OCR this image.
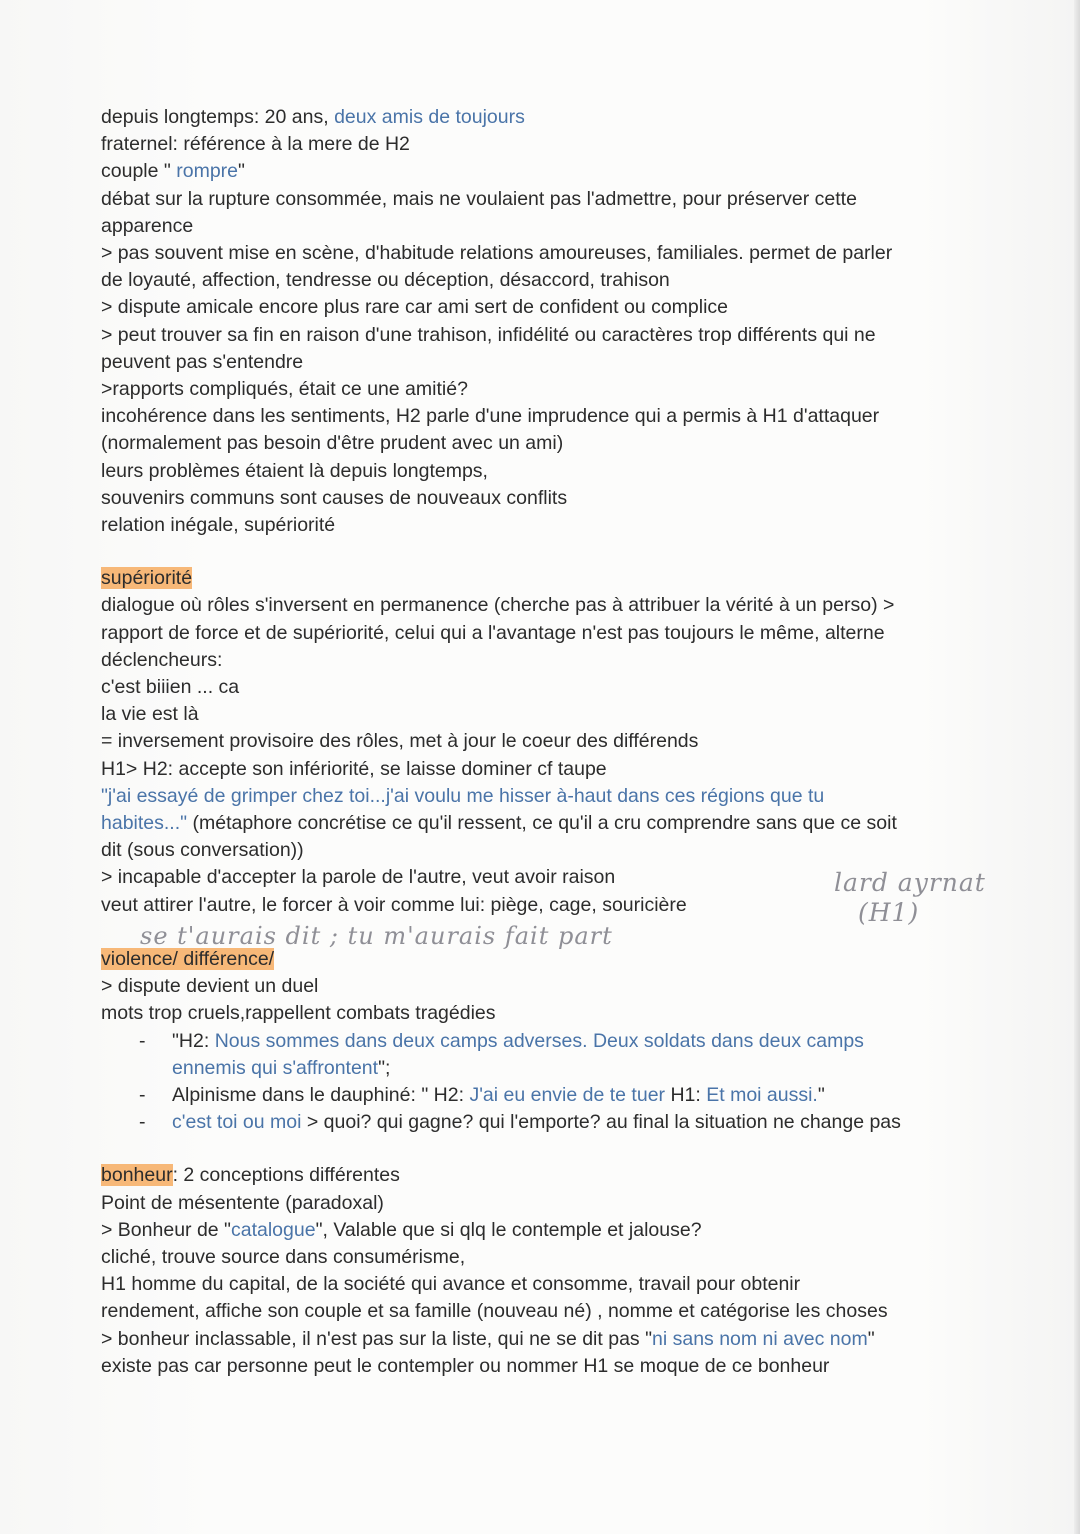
depuis longtemps: 20 ans, deux amis de toujours

fraternel: référence à la mere de H2

couple " rompre"

débat sur la rupture consommée, mais ne voulaient pas l'admettre, pour préserver cette

apparence

> pas souvent mise en scène, d'habitude relations amoureuses, familiales. permet de parler

de loyauté, affection, tendresse ou déception, désaccord, trahison

> dispute amicale encore plus rare car ami sert de confident ou complice

> peut trouver sa fin en raison d'une trahison, infidélité ou caractères trop différents qui ne

peuvent pas s'entendre

>rapports compliqués, était ce une amitié?

incohérence dans les sentiments, H2 parle d'une imprudence qui a permis à H1 d'attaquer

(normalement pas besoin d'être prudent avec un ami)

leurs problèmes étaient là depuis longtemps,

souvenirs communs sont causes de nouveaux conflits

relation inégale, supériorité

supériorité

dialogue où rôles s'inversent en permanence (cherche pas à attribuer la vérité à un perso) >

rapport de force et de supériorité, celui qui a l'avantage n'est pas toujours le même, alterne

déclencheurs:

c'est biiien ... ca

la vie est là

= inversement provisoire des rôles, met à jour le coeur des différends

H1> H2: accepte son infériorité, se laisse dominer cf taupe

"j'ai essayé de grimper chez toi...j'ai voulu me hisser à-haut dans ces régions que tu

habites..." (métaphore concrétise ce qu'il ressent, ce qu'il a cru comprendre sans que ce soit

dit (sous conversation))

> incapable d'accepter la parole de l'autre, veut avoir raison

veut attirer l'autre, le forcer à voir comme lui: piège, cage, souricière

violence/ différence/

> dispute devient un duel

mots trop cruels,rappellent combats tragédies

- "H2: Nous sommes dans deux camps adverses. Deux soldats dans deux camps

ennemis qui s'affrontent";

- Alpinisme dans le dauphiné: " H2: J'ai eu envie de te tuer H1: Et moi aussi."

- c'est toi ou moi > quoi? qui gagne? qui l'emporte? au final la situation ne change pas

bonheur: 2 conceptions différentes

Point de mésentente (paradoxal)

> Bonheur de "catalogue", Valable que si qlq le contemple et jalouse?

cliché, trouve source dans consumérisme,

H1 homme du capital, de la société qui avance et consomme, travail pour obtenir

rendement, affiche son couple et sa famille (nouveau né) , nomme et catégorise les choses

> bonheur inclassable, il n'est pas sur la liste, qui ne se dit pas "ni sans nom ni avec nom"

existe pas car personne peut le contempler ou nommer H1 se moque de ce bonheur

lard ayrnat
(H1)
se t'aurais dit ; tu m'aurais fait part
